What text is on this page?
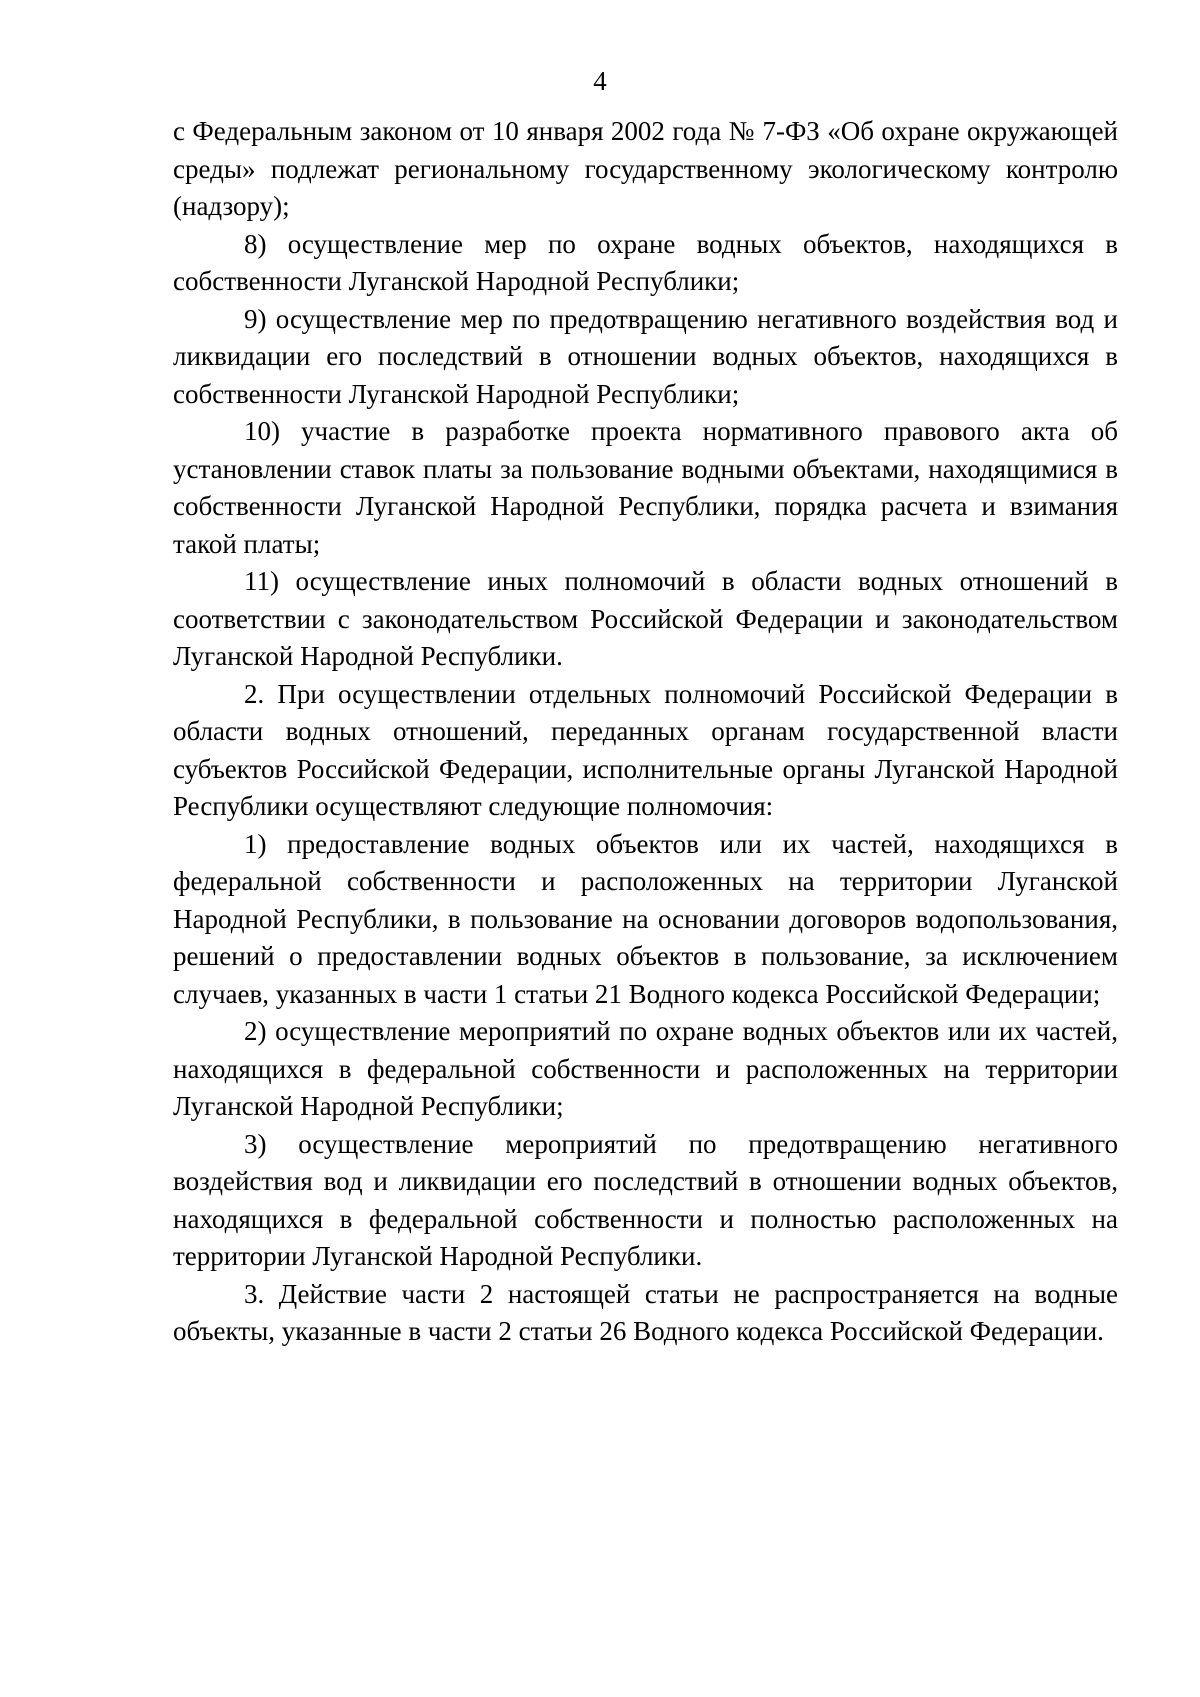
4

с Федеральным законом от 10 января 2002 года № 7-ФЗ «Об охране окружающей среды» подлежат региональному государственному экологическому контролю (надзору);

8) осуществление мер по охране водных объектов, находящихся в собственности Луганской Народной Республики;

9) осуществление мер по предотвращению негативного воздействия вод и ликвидации его последствий в отношении водных объектов, находящихся в собственности Луганской Народной Республики;

10) участие в разработке проекта нормативного правового акта об установлении ставок платы за пользование водными объектами, находящимися в собственности Луганской Народной Республики, порядка расчета и взимания такой платы;

11) осуществление иных полномочий в области водных отношений в соответствии с законодательством Российской Федерации и законодательством Луганской Народной Республики.

2. При осуществлении отдельных полномочий Российской Федерации в области водных отношений, переданных органам государственной власти субъектов Российской Федерации, исполнительные органы Луганской Народной Республики осуществляют следующие полномочия:

1) предоставление водных объектов или их частей, находящихся в федеральной собственности и расположенных на территории Луганской Народной Республики, в пользование на основании договоров водопользования, решений о предоставлении водных объектов в пользование, за исключением случаев, указанных в части 1 статьи 21 Водного кодекса Российской Федерации;

2) осуществление мероприятий по охране водных объектов или их частей, находящихся в федеральной собственности и расположенных на территории Луганской Народной Республики;

3) осуществление мероприятий по предотвращению негативного воздействия вод и ликвидации его последствий в отношении водных объектов, находящихся в федеральной собственности и полностью расположенных на территории Луганской Народной Республики.

3. Действие части 2 настоящей статьи не распространяется на водные объекты, указанные в части 2 статьи 26 Водного кодекса Российской Федерации.
